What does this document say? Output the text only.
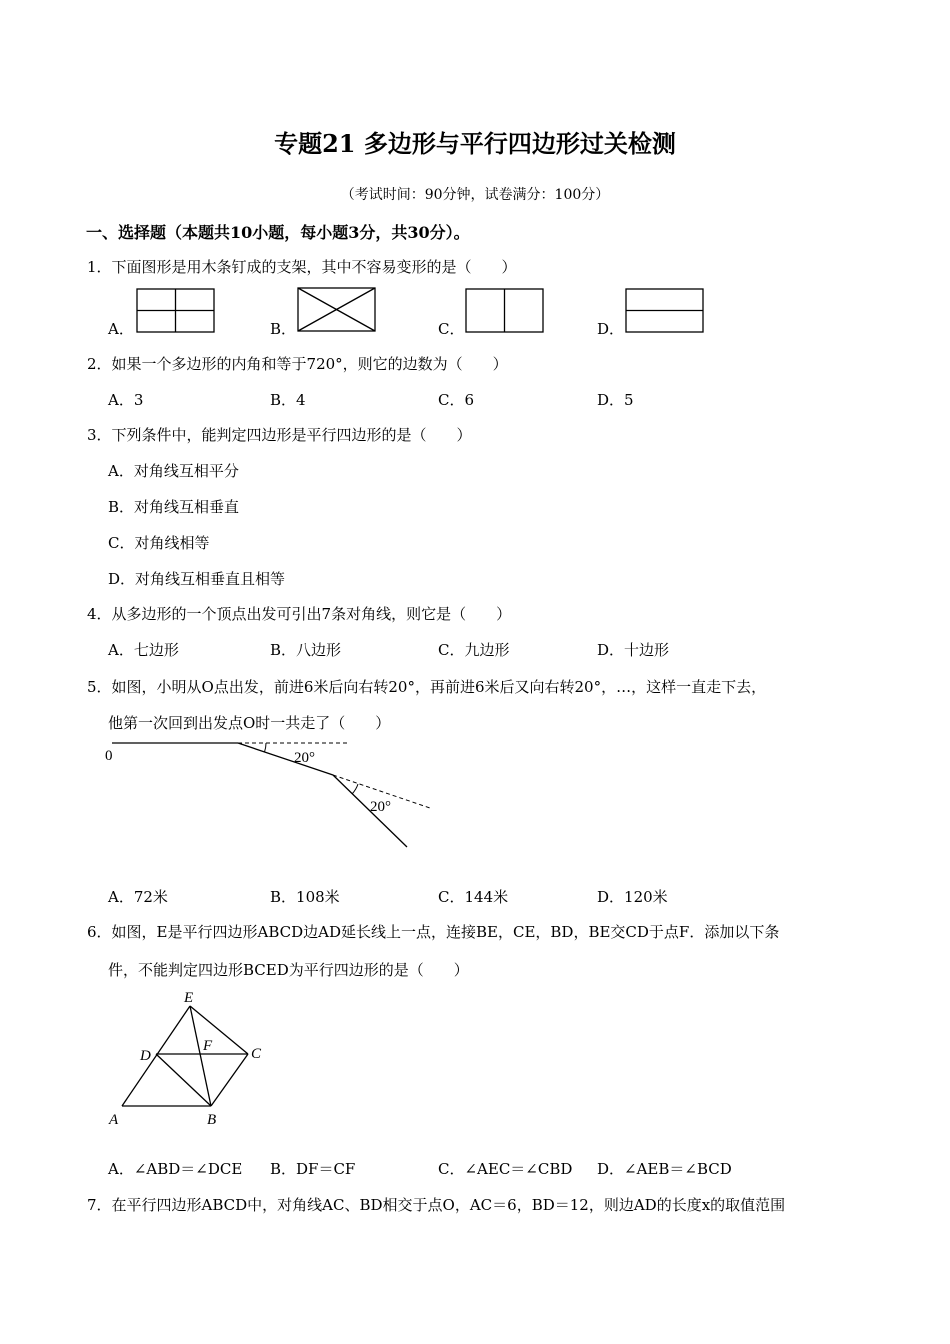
专题21 多边形与平行四边形过关检测
（考试时间：90分钟，试卷满分：100分）
一、选择题（本题共10小题，每小题3分，共30分）。
1．下面图形是用木条钉成的支架，其中不容易变形的是（　　）
A．	B．	C．	D．
2．如果一个多边形的内角和等于720°，则它的边数为（　　）
A．3	B．4	C．6	D．5
3．下列条件中，能判定四边形是平行四边形的是（　　）
A．对角线互相平分
B．对角线互相垂直
C．对角线相等
D．对角线互相垂直且相等
4．从多边形的一个顶点出发可引出7条对角线，则它是（　　）
A．七边形	B．八边形	C．九边形	D．十边形
5．如图，小明从O点出发，前进6米后向右转20°，再前进6米后又向右转20°，…，这样一直走下去，
他第一次回到出发点O时一共走了（　　）
0	20°
20°
A．72米	B．108米	C．144米	D．120米
6．如图，E是平行四边形ABCD边AD延长线上一点，连接BE，CE，BD，BE交CD于点F．添加以下条
件，不能判定四边形BCED为平行四边形的是（　　）
E
D
F	C
A	B
A．∠ABD＝∠DCE B．DF＝CF	C．∠AEC＝∠CBD D．∠AEB＝∠BCD
7．在平行四边形ABCD中，对角线AC、BD相交于点O，AC＝6，BD＝12，则边AD的长度x的取值范围
